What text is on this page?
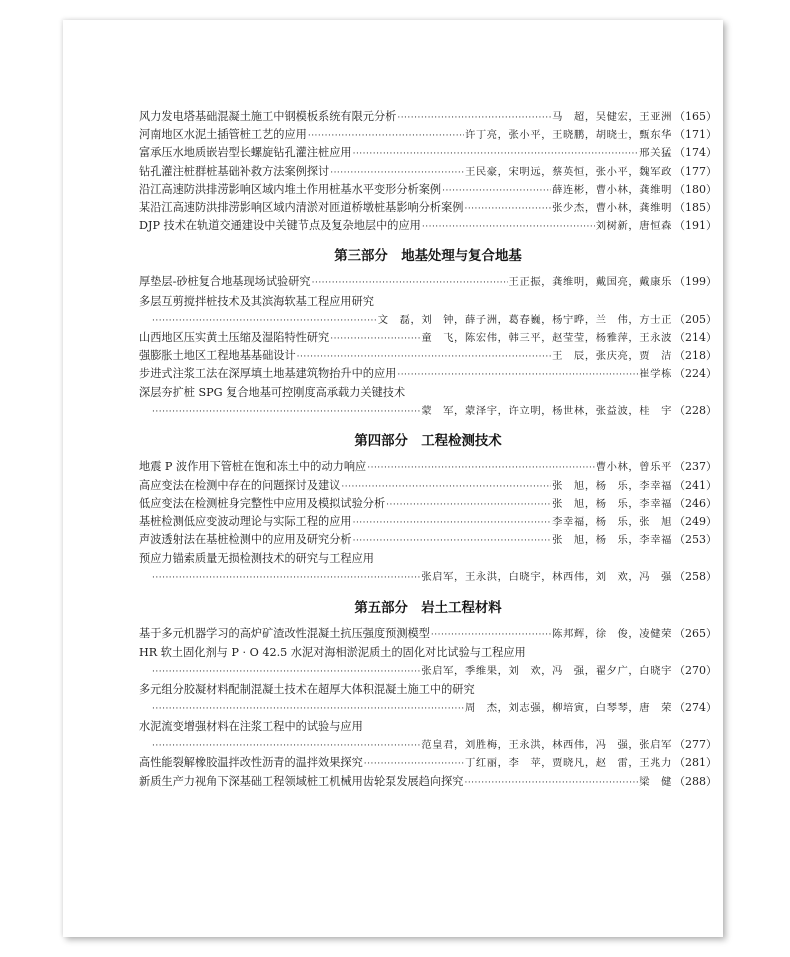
风力发电塔基础混凝土施工中钢模板系统有限元分析 ·····	马　超，吴健宏，王亚洲 （165）
河南地区水泥土插管桩工艺的应用 ·····	许丁亮，张小平，王晓鹏，胡晓士，甄东华 （171）
富承压水地质嵌岩型长螺旋钻孔灌注桩应用 ·····	邢关猛 （174）
钻孔灌注桩群桩基础补救方法案例探讨 ·····	王民豪，宋明远，蔡英恒，张小平，魏军政 （177）
沿江高速防洪排涝影响区域内堆土作用桩基水平变形分析案例 ·····	薛连彬，曹小林，龚维明 （180）
某沿江高速防洪排涝影响区域内清淤对匝道桥墩桩基影响分析案例 ·····	张少杰，曹小林，龚维明 （185）
DJP 技术在轨道交通建设中关键节点及复杂地层中的应用 ·····	刘树新，唐恒森 （191）
第三部分　地基处理与复合地基
厚垫层-砂桩复合地基现场试验研究 ·····	王正振，龚维明，戴国亮，戴康乐 （199）
多层互剪搅拌桩技术及其滨海软基工程应用研究
·····
文　磊，刘　钟，薛子洲，葛春巍，杨宁晔，兰　伟，方士正 （205）
山西地区压实黄土压缩及湿陷特性研究 ·····	童　飞，陈宏伟，韩三平，赵莹莹，杨雅萍，王永波 （214）
强膨胀土地区工程地基基础设计 ·····	王　辰，张庆亮，贾　洁 （218）
步进式注浆工法在深厚填土地基建筑物抬升中的应用 ·····	崔学栋 （224）
深层夯扩桩 SPG 复合地基可控刚度高承载力关键技术
·····
蒙　军，蒙泽宇，许立明，杨世林，张益波，桂　宇 （228）
第四部分　工程检测技术
地震 P 波作用下管桩在饱和冻土中的动力响应 ·····	曹小林，曾乐平 （237）
高应变法在检测中存在的问题探讨及建议 ·····	张　旭，杨　乐，李幸福 （241）
低应变法在检测桩身完整性中应用及模拟试验分析 ·····	张　旭，杨　乐，李幸福 （246）
基桩检测低应变波动理论与实际工程的应用 ·····	李幸福，杨　乐，张　旭 （249）
声波透射法在基桩检测中的应用及研究分析 ·····	张　旭，杨　乐，李幸福 （253）
预应力锚索质量无损检测技术的研究与工程应用
·····
张启军，王永洪，白晓宇，林西伟，刘　欢，冯　强 （258）
第五部分　岩土工程材料
基于多元机器学习的高炉矿渣改性混凝土抗压强度预测模型 ·····	陈邦辉，徐　俊，凌健荣 （265）
HR 软土固化剂与 P · O 42.5 水泥对海相淤泥质土的固化对比试验与工程应用
·····
张启军，季维果，刘　欢，冯　强，翟夕广，白晓宇 （270）
多元组分胶凝材料配制混凝土技术在超厚大体积混凝土施工中的研究
·····
周　杰，刘志强，柳培寅，白琴琴，唐　荣 （274）
水泥流变增强材料在注浆工程中的试验与应用
·····
范皇君，刘胜梅，王永洪，林西伟，冯　强，张启军 （277）
高性能裂解橡胶温拌改性沥青的温拌效果探究 ·····	丁红丽，李　苹，贾晓凡，赵　雷，王兆力 （281）
新质生产力视角下深基础工程领域桩工机械用齿轮泵发展趋向探究 ·····	梁　健 （288）
